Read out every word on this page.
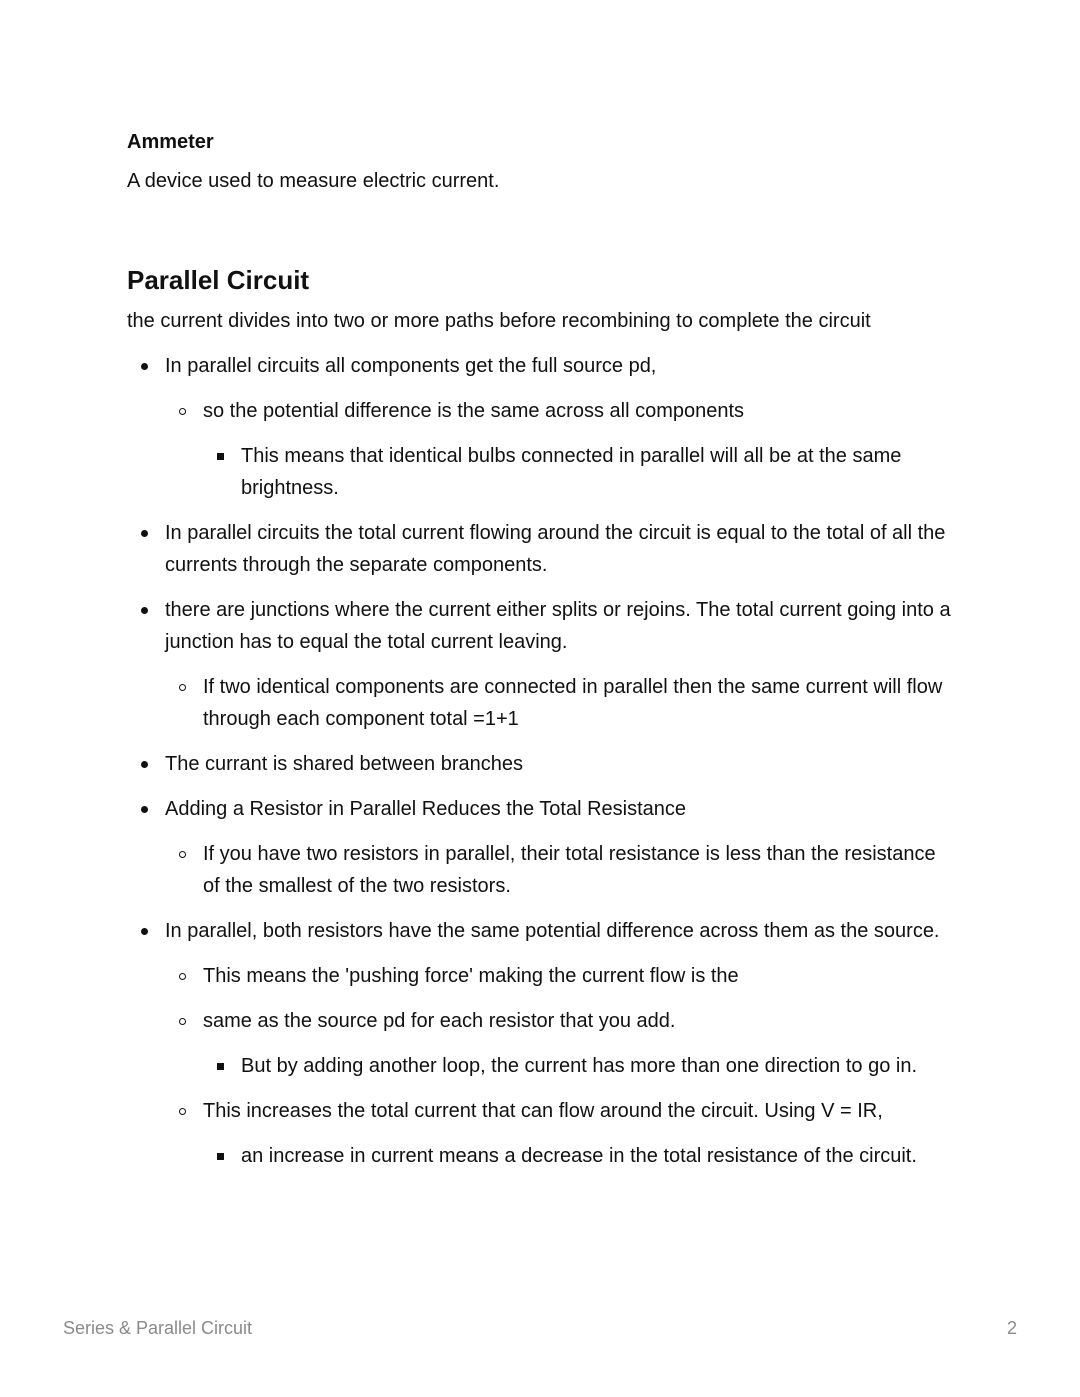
Ammeter

A device used to measure electric current.

Parallel Circuit

the current divides into two or more paths before recombining to complete the circuit

In parallel circuits all components get the full source pd,
so the potential difference is the same across all components
This means that identical bulbs connected in parallel will all be at the same brightness.
In parallel circuits the total current flowing around the circuit is equal to the total of all the currents through the separate components.
there are junctions where the current either splits or rejoins. The total current going into a junction has to equal the total current leaving.
If two identical components are connected in parallel then the same current will flow through each component total =1+1
The currant is shared between branches
Adding a Resistor in Parallel Reduces the Total Resistance
If you have two resistors in parallel, their total resistance is less than the resistance of the smallest of the two resistors.
In parallel, both resistors have the same potential difference across them as the source.
This means the 'pushing force' making the current flow is the
same as the source pd for each resistor that you add.
But by adding another loop, the current has more than one direction to go in.
This increases the total current that can flow around the circuit. Using V = IR,
an increase in current means a decrease in the total resistance of the circuit.
Series & Parallel Circuit	2
